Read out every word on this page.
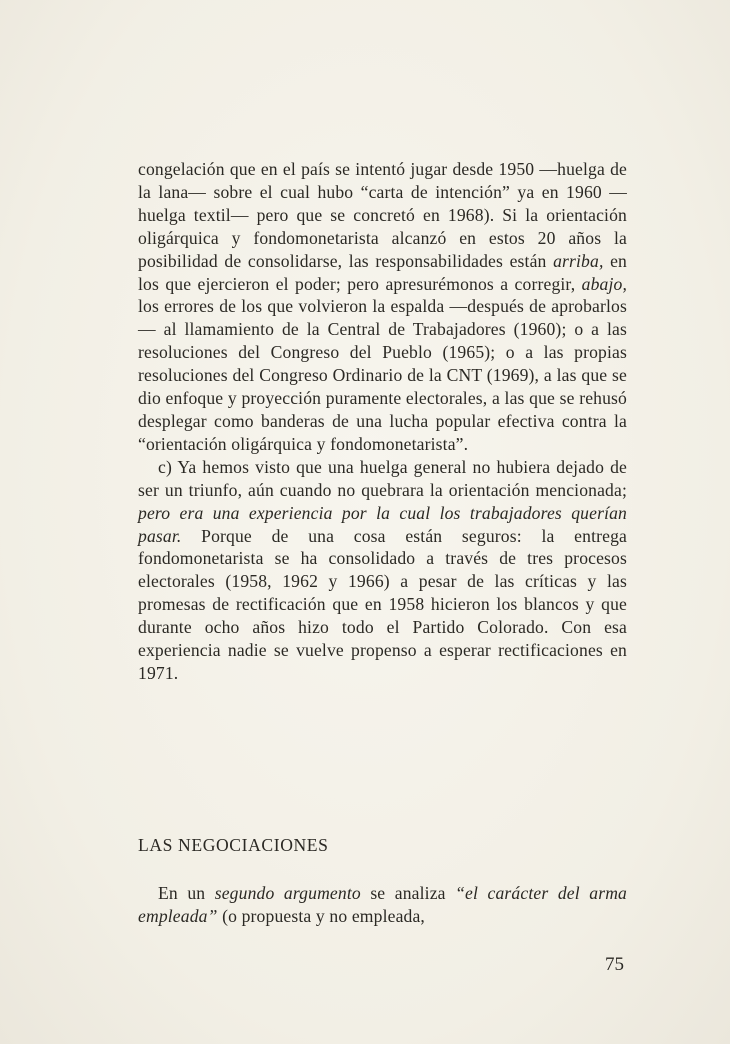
congelación que en el país se intentó jugar desde 1950 —huelga de la lana— sobre el cual hubo “carta de intención” ya en 1960 —huelga textil— pero que se concretó en 1968). Si la orientación oligárquica y fondomonetarista alcanzó en estos 20 años la posibilidad de consolidarse, las responsabilidades están arriba, en los que ejercieron el poder; pero apresurémonos a corregir, abajo, los errores de los que volvieron la espalda —después de aprobarlos— al llamamiento de la Central de Trabajadores (1960); o a las resoluciones del Congreso del Pueblo (1965); o a las propias resoluciones del Congreso Ordinario de la CNT (1969), a las que se dio enfoque y proyección puramente electorales, a las que se rehusó desplegar como banderas de una lucha popular efectiva contra la “orientación oligárquica y fondomonetarista”.

c) Ya hemos visto que una huelga general no hubiera dejado de ser un triunfo, aún cuando no quebrara la orientación mencionada; pero era una experiencia por la cual los trabajadores querían pasar. Porque de una cosa están seguros: la entrega fondomonetarista se ha consolidado a través de tres procesos electorales (1958, 1962 y 1966) a pesar de las críticas y las promesas de rectificación que en 1958 hicieron los blancos y que durante ocho años hizo todo el Partido Colorado. Con esa experiencia nadie se vuelve propenso a esperar rectificaciones en 1971.

LAS NEGOCIACIONES

En un segundo argumento se analiza “el carácter del arma empleada” (o propuesta y no empleada,

75
